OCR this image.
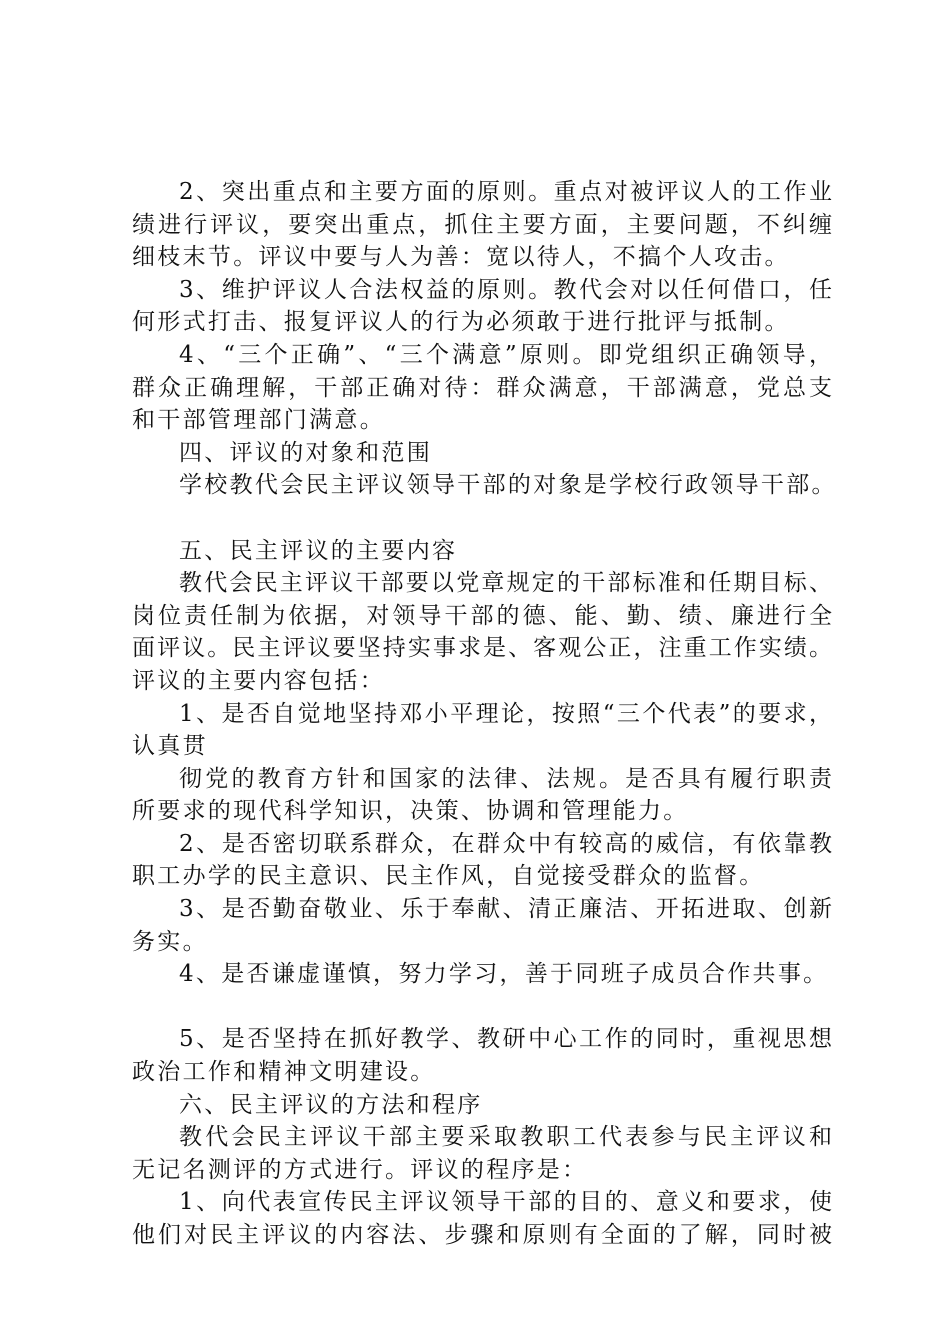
2、突出重点和主要方面的原则。重点对被评议人的工作业
绩进行评议，要突出重点，抓住主要方面，主要问题，不纠缠
细枝末节。评议中要与人为善：宽以待人，不搞个人攻击。
3、维护评议人合法权益的原则。教代会对以任何借口，任
何形式打击、报复评议人的行为必须敢于进行批评与抵制。
4、“三个正确”、“三个满意”原则。即党组织正确领导，
群众正确理解，干部正确对待：群众满意，干部满意，党总支
和干部管理部门满意。
四、评议的对象和范围
学校教代会民主评议领导干部的对象是学校行政领导干部。
五、民主评议的主要内容
教代会民主评议干部要以党章规定的干部标准和任期目标、
岗位责任制为依据，对领导干部的德、能、勤、绩、廉进行全
面评议。民主评议要坚持实事求是、客观公正，注重工作实绩。
评议的主要内容包括：
1、是否自觉地坚持邓小平理论，按照“三个代表”的要求，
认真贯
彻党的教育方针和国家的法律、法规。是否具有履行职责
所要求的现代科学知识，决策、协调和管理能力。
2、是否密切联系群众，在群众中有较高的威信，有依靠教
职工办学的民主意识、民主作风，自觉接受群众的监督。
3、是否勤奋敬业、乐于奉献、清正廉洁、开拓进取、创新
务实。
4、是否谦虚谨慎，努力学习，善于同班子成员合作共事。
5、是否坚持在抓好教学、教研中心工作的同时，重视思想
政治工作和精神文明建设。
六、民主评议的方法和程序
教代会民主评议干部主要采取教职工代表参与民主评议和
无记名测评的方式进行。评议的程序是：
1、向代表宣传民主评议领导干部的目的、意义和要求，使
他们对民主评议的内容法、步骤和原则有全面的了解，同时被
